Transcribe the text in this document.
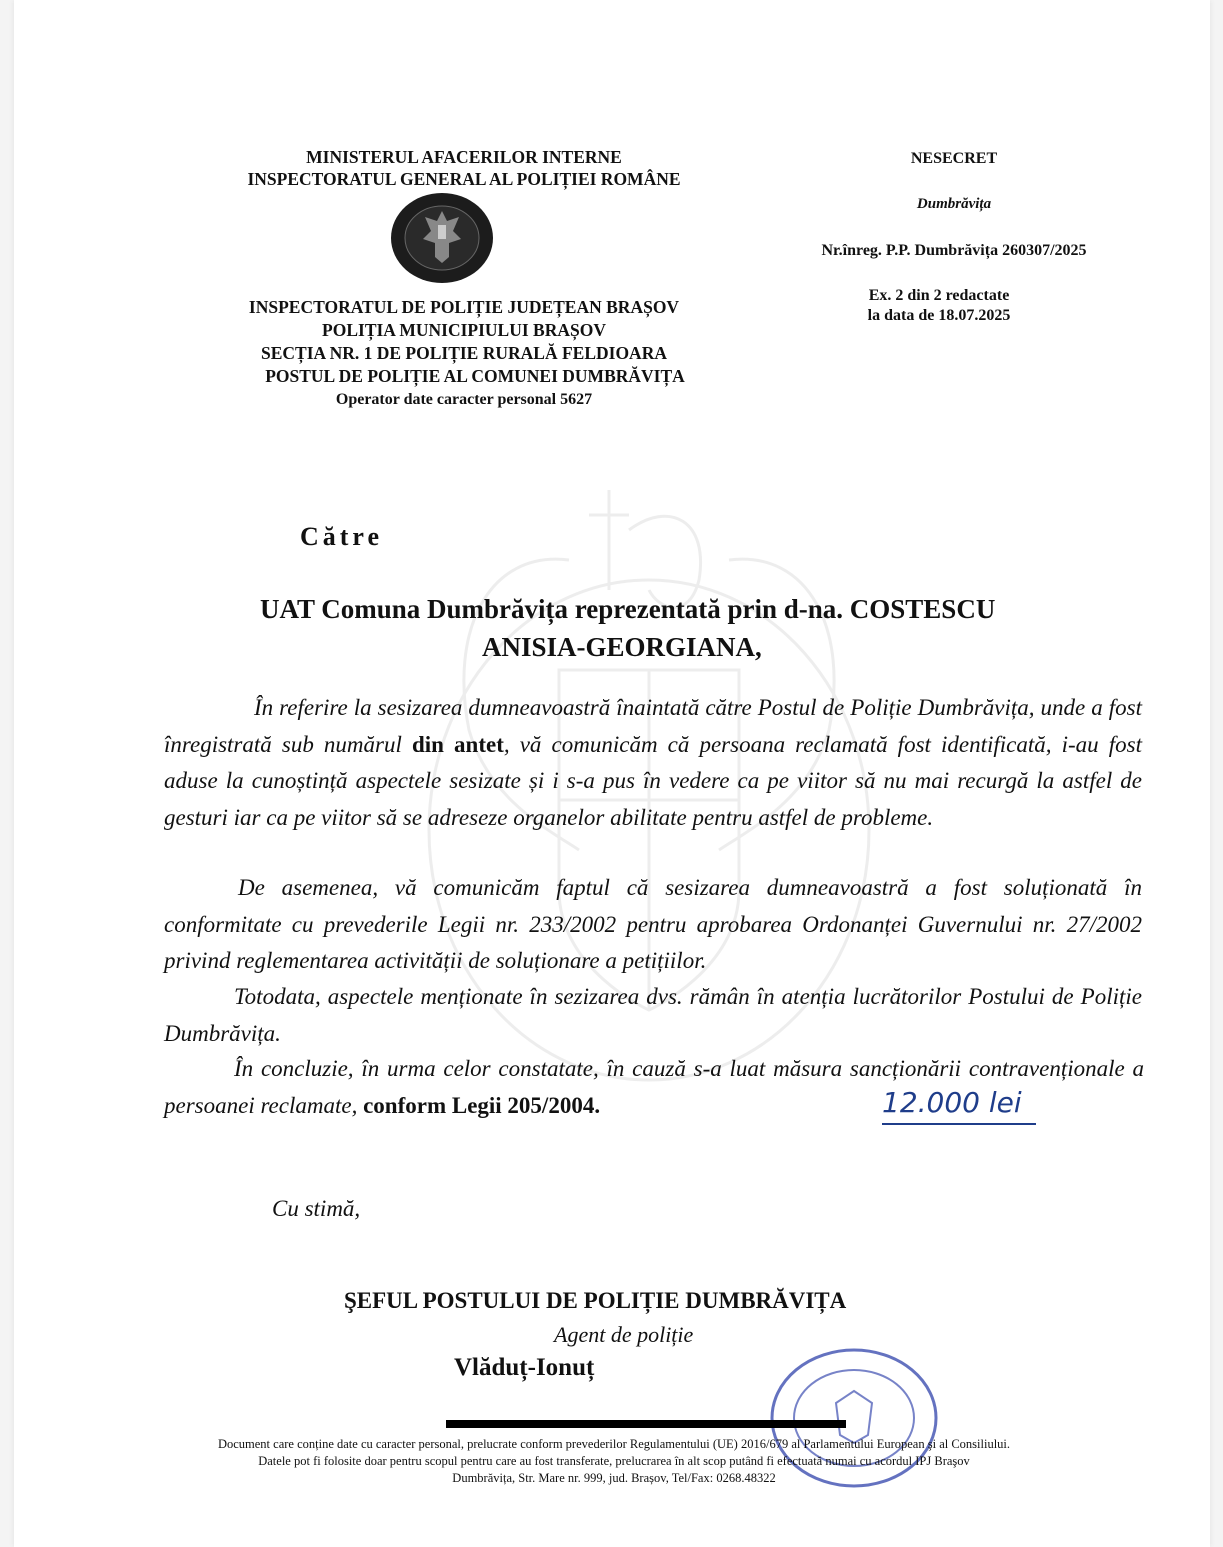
MINISTERUL AFACERILOR INTERNE
INSPECTORATUL GENERAL AL POLIȚIEI ROMÂNE
INSPECTORATUL DE POLIȚIE JUDEȚEAN BRAȘOV
POLIȚIA MUNICIPIULUI BRAȘOV
SECȚIA NR. 1 DE POLIȚIE RURALĂ FELDIOARA
POSTUL DE POLIȚIE AL COMUNEI DUMBRĂVIȚA
Operator date caracter personal 5627
NESECRET
Dumbrăvița
Nr.înreg. P.P. Dumbrăvița 260307/2025
Ex. 2 din 2 redactate
la data de 18.07.2025
Către
UAT Comuna Dumbrăvița reprezentată prin d-na. COSTESCU
ANISIA-GEORGIANA,
În referire la sesizarea dumneavoastră înaintată către Postul de Poliție Dumbrăvița, unde a fost înregistrată sub numărul din antet, vă comunicăm că persoana reclamată fost identificată, i-au fost aduse la cunoștință aspectele sesizate și i s-a pus în vedere ca pe viitor să nu mai recurgă la astfel de gesturi iar ca pe viitor să se adreseze organelor abilitate pentru astfel de probleme.
De asemenea, vă comunicăm faptul că sesizarea dumneavoastră a fost soluționată în conformitate cu prevederile Legii nr. 233/2002 pentru aprobarea Ordonanței Guvernului nr. 27/2002 privind reglementarea activității de soluționare a petițiilor.
Totodata, aspectele menționate în sezizarea dvs. rămân în atenția lucrătorilor Postului de Poliție Dumbrăvița.
În concluzie, în urma celor constatate, în cauză s-a luat măsura sancționării contravenționale a persoanei reclamate, conform Legii 205/2004.	12.000 lei
Cu stimă,
ŞEFUL POSTULUI DE POLIȚIE DUMBRĂVIȚA
Agent de poliție
Vlăduț-Ionuț
Document care conține date cu caracter personal, prelucrate conform prevederilor Regulamentului (UE) 2016/679 al Parlamentului European şi al Consiliului.
Datele pot fi folosite doar pentru scopul pentru care au fost transferate, prelucrarea în alt scop putând fi efectuată numai cu acordul IPJ Braşov
Dumbrăvița, Str. Mare nr. 999, jud. Brașov, Tel/Fax: 0268.48322
